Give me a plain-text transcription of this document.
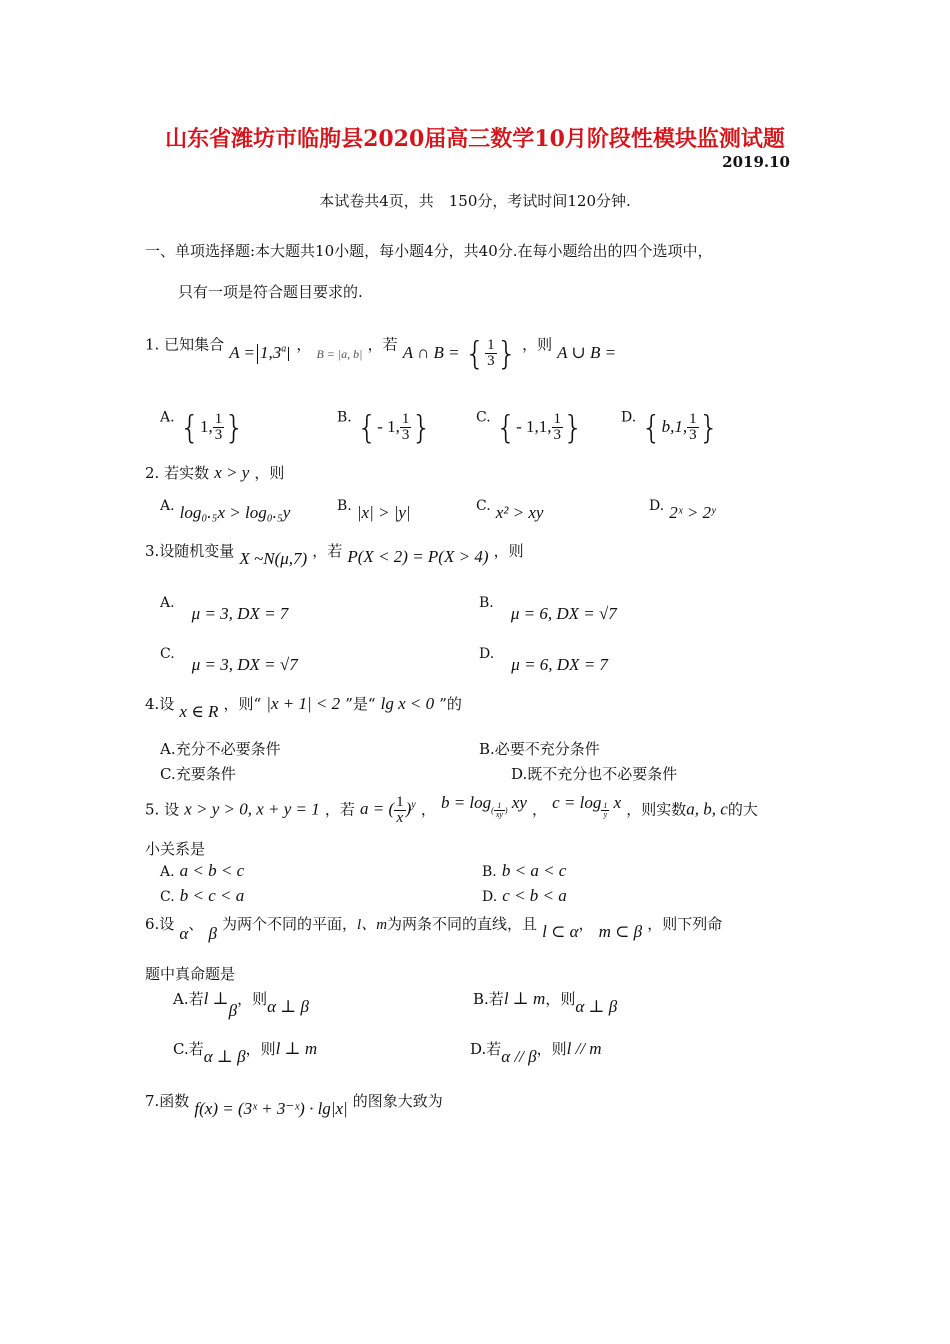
山东省潍坊市临朐县2020届高三数学10月阶段性模块监测试题
2019.10
本试卷共4页，共　150分，考试时间120分钟.
一、单项选择题:本大题共10小题，每小题4分，共40分.在每小题给出的四个选项中，
只有一项是符合题目要求的.
1. 已知集合 A = 1,3$^a$ ， $_{B = |a, b|}$ ，若 A ∩ B = { $\frac{1}{3}$ } ，则 A ∪ B =
A. {1, $\frac{1}{3}$ }	B. {- 1, $\frac{1}{3}$ }	C. {- 1,1, $\frac{1}{3}$ }	D. {b,1, $\frac{1}{3}$ }
2. 若实数 x > y ，则
A. log₀.₅x > log₀.₅y	B. |x| > |y|	C. x² > xy	D. 2ˣ > 2ʸ
3.设随机变量 X ~N(μ,7) ，若 P(X < 2) = P(X > 4) ，则
A. μ = 3, DX = 7
B. μ = 6, DX = √7
C. μ = 3, DX = √7
D. μ = 6, DX = 7
4.设 x ∈ R ，则“ |x + 1| < 2 ”是“ lg x < 0 ”的
A.充分不必要条件	B.必要不充分条件
C.充要条件	D.既不充分也不必要条件
5. 设 x > y > 0, x + y = 1 ，若 a = ( $\frac{1}{x} )^y$ ， $b = \log_{( \frac{1}{xy} )}$ xy ， c = log $_{\frac{1}{y}}$ x ，则实数a, b, c的大
小关系是
A. a < b < c	B. b < a < c
C. b < c < a	D. c < b < a
6.设 α、 β 为两个不同的平面，l、m为两条不同的直线，且 l ⊂ α， m ⊂ β ，则下列命
题中真命题是
A.若l ⊥β，则α ⊥ β	B.若l ⊥ m，则α ⊥ β
C.若α ⊥ β，则l ⊥ m	D.若α // β，则l // m
7.函数 f(x) = (3ˣ + 3⁻ˣ) · lg|x| 的图象大致为
